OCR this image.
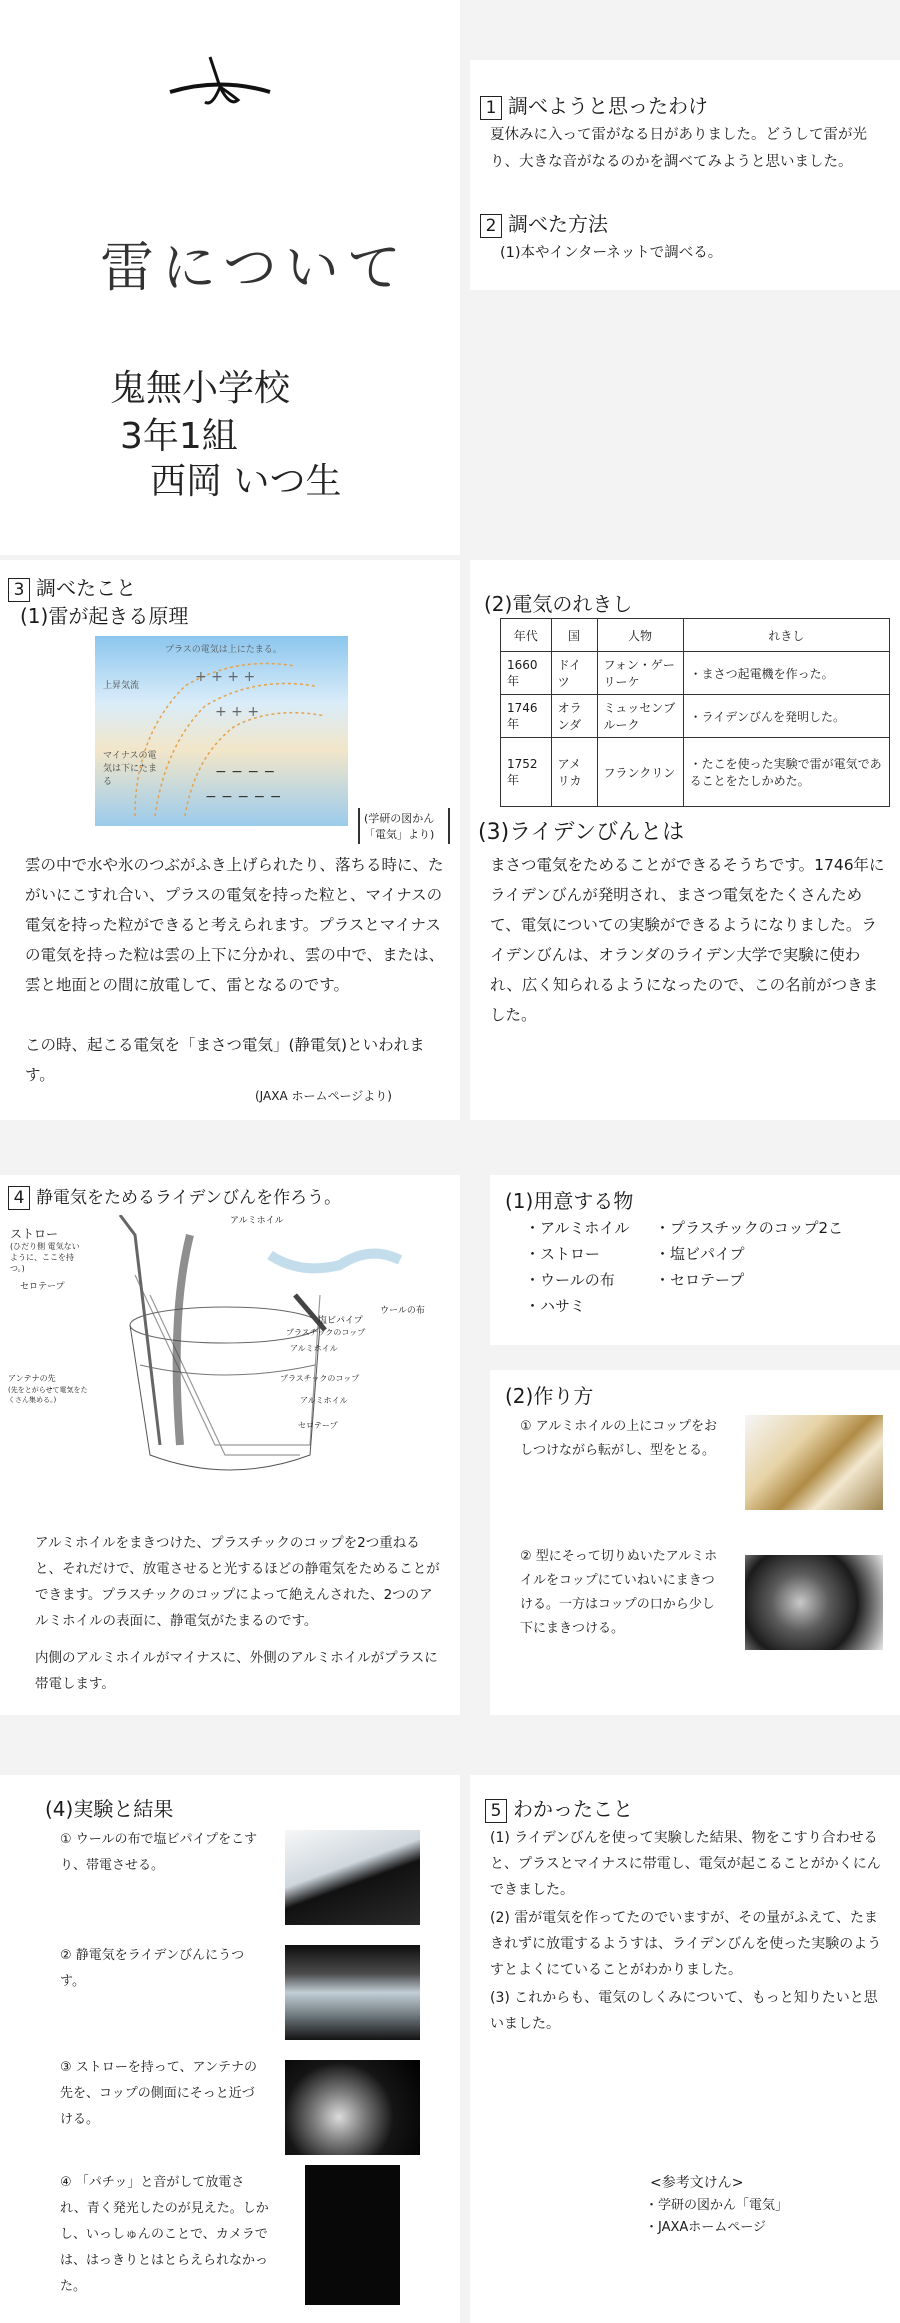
雷について
鬼無小学校
3年1組
西岡 いつ生
1 調べようと思ったわけ
夏休みに入って雷がなる日がありました。どうして雷が光り、大きな音がなるのかを調べてみようと思いました。
2 調べた方法
(1)本やインターネットで調べる。
3 調べたこと
(1)雷が起きる原理
+ + + +
+ + +
− − − −
− − − − −
プラスの電気は上にたまる。
上昇気流
マイナスの電気は下にたまる
(学研の図かん「電気」より)
雲の中で水や氷のつぶがふき上げられたり、落ちる時に、たがいにこすれ合い、プラスの電気を持った粒と、マイナスの電気を持った粒ができると考えられます。プラスとマイナスの電気を持った粒は雲の上下に分かれ、雲の中で、または、雲と地面との間に放電して、雷となるのです。
この時、起こる電気を「まさつ電気」(静電気)といわれます。
(JAXA ホームページより)
(2)電気のれきし
年代	国	人物	れきし
1660年	ドイツ	フォン・ゲーリーケ	・まさつ起電機を作った。
1746年	オランダ	ミュッセンブルーク	・ライデンびんを発明した。
1752年	アメリカ	フランクリン	・たこを使った実験で雷が電気であることをたしかめた。
(3)ライデンびんとは
まさつ電気をためることができるそうちです。1746年にライデンびんが発明され、まさつ電気をたくさんためて、電気についての実験ができるようになりました。ライデンびんは、オランダのライデン大学で実験に使われ、広く知られるようになったので、この名前がつきました。
4 静電気をためるライデンびんを作ろう。
ストロー
(ひだり側 電気ないように、ここを持つ。)
セロテープ
アルミホイル
ウールの布
塩ビパイプ
プラスチックのコップ
アルミホイル
プラスチックのコップ
アルミホイル
セロテープ
アンテナの先
(先をとがらせて電気をたくさん集める。)
アルミホイルをまきつけた、プラスチックのコップを2つ重ねると、それだけで、放電させると光するほどの静電気をためることができます。プラスチックのコップによって絶えんされた、2つのアルミホイルの表面に、静電気がたまるのです。
内側のアルミホイルがマイナスに、外側のアルミホイルがプラスに帯電します。
(1)用意する物
・アルミホイル
・ストロー
・ウールの布
・ハサミ
・プラスチックのコップ2こ
・塩ビパイプ
・セロテープ
(2)作り方
① アルミホイルの上にコップをおしつけながら転がし、型をとる。
② 型にそって切りぬいたアルミホイルをコップにていねいにまきつける。一方はコップの口から少し下にまきつける。
(4)実験と結果
① ウールの布で塩ビパイプをこすり、帯電させる。
② 静電気をライデンびんにうつす。
③ ストローを持って、アンテナの先を、コップの側面にそっと近づける。
④ 「パチッ」と音がして放電され、青く発光したのが見えた。しかし、いっしゅんのことで、カメラでは、はっきりとはとらえられなかった。
5 わかったこと
(1) ライデンびんを使って実験した結果、物をこすり合わせると、プラスとマイナスに帯電し、電気が起こることがかくにんできました。
(2) 雷が電気を作ってたのでいますが、その量がふえて、たまきれずに放電するようすは、ライデンびんを使った実験のようすとよくにていることがわかりました。
(3) これからも、電気のしくみについて、もっと知りたいと思いました。
<参考文けん>
・学研の図かん「電気」
・JAXAホームページ
